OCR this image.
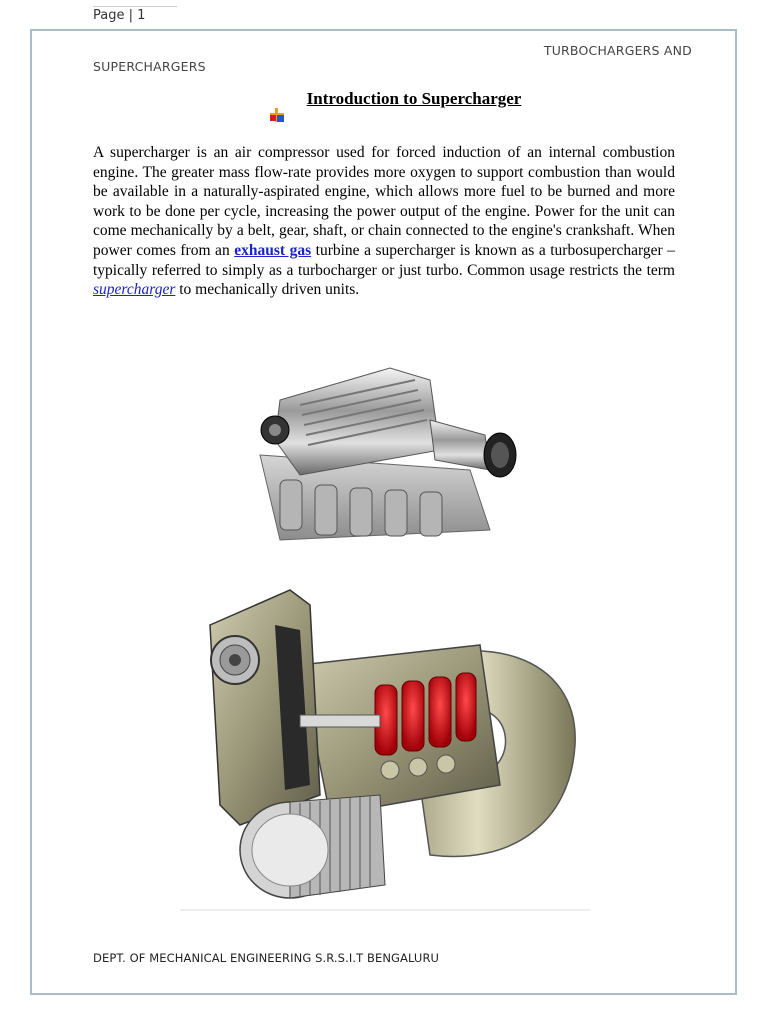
Page | 1
TURBOCHARGERS AND
SUPERCHARGERS
Introduction to Supercharger
A supercharger is an air compressor used for forced induction of an internal combustion engine. The greater mass flow-rate provides more oxygen to support combustion than would be available in a naturally-aspirated engine, which allows more fuel to be burned and more work to be done per cycle, increasing the power output of the engine. Power for the unit can come mechanically by a belt, gear, shaft, or chain connected to the engine's crankshaft. When power comes from an exhaust gas turbine a supercharger is known as a turbosupercharger – typically referred to simply as a turbocharger or just turbo. Common usage restricts the term supercharger to mechanically driven units.
DEPT. OF MECHANICAL ENGINEERING S.R.S.I.T BENGALURU
